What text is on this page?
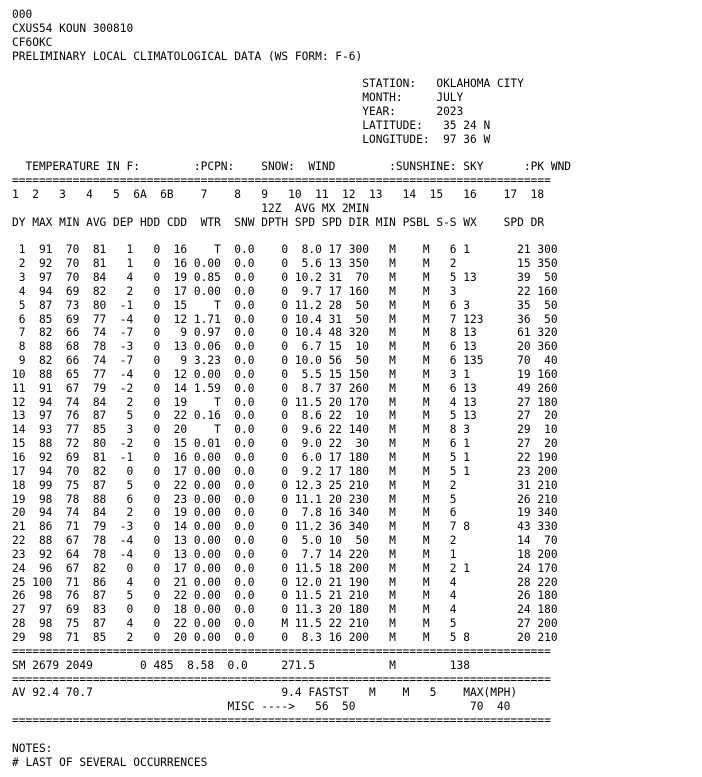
000
CXUS54 KOUN 300810
CF6OKC
PRELIMINARY LOCAL CLIMATOLOGICAL DATA (WS FORM: F-6)
STATION:   OKLAHOMA CITY
MONTH:     JULY
YEAR:      2023
LATITUDE:   35 24 N
LONGITUDE:  97 36 W
TEMPERATURE IN F:        :PCPN:    SNOW:  WIND        :SUNSHINE: SKY      :PK WND
================================================================================
1  2   3   4   5  6A  6B    7    8   9   10  11  12  13   14  15   16    17  18
12Z  AVG MX 2MIN
DY MAX MIN AVG DEP HDD CDD  WTR  SNW DPTH SPD SPD DIR MIN PSBL S-S WX    SPD DR
1  91  70  81   1   0  16    T  0.0    0  8.0 17 300   M    M   6 1       21 300
2  92  70  81   1   0  16 0.00  0.0    0  5.6 13 350   M    M   2         15 350
3  97  70  84   4   0  19 0.85  0.0    0 10.2 31  70   M    M   5 13      39  50
4  94  69  82   2   0  17 0.00  0.0    0  9.7 17 160   M    M   3         22 160
5  87  73  80  -1   0  15    T  0.0    0 11.2 28  50   M    M   6 3       35  50
6  85  69  77  -4   0  12 1.71  0.0    0 10.4 31  50   M    M   7 123     36  50
7  82  66  74  -7   0   9 0.97  0.0    0 10.4 48 320   M    M   8 13      61 320
8  88  68  78  -3   0  13 0.06  0.0    0  6.7 15  10   M    M   6 13      20 360
9  82  66  74  -7   0   9 3.23  0.0    0 10.0 56  50   M    M   6 135     70  40
10  88  65  77  -4   0  12 0.00  0.0    0  5.5 15 150   M    M   3 1       19 160
11  91  67  79  -2   0  14 1.59  0.0    0  8.7 37 260   M    M   6 13      49 260
12  94  74  84   2   0  19    T  0.0    0 11.5 20 170   M    M   4 13      27 180
13  97  76  87   5   0  22 0.16  0.0    0  8.6 22  10   M    M   5 13      27  20
14  93  77  85   3   0  20    T  0.0    0  9.6 22 140   M    M   8 3       29  10
15  88  72  80  -2   0  15 0.01  0.0    0  9.0 22  30   M    M   6 1       27  20
16  92  69  81  -1   0  16 0.00  0.0    0  6.0 17 180   M    M   5 1       22 190
17  94  70  82   0   0  17 0.00  0.0    0  9.2 17 180   M    M   5 1       23 200
18  99  75  87   5   0  22 0.00  0.0    0 12.3 25 210   M    M   2         31 210
19  98  78  88   6   0  23 0.00  0.0    0 11.1 20 230   M    M   5         26 210
20  94  74  84   2   0  19 0.00  0.0    0  7.8 16 340   M    M   6         19 340
21  86  71  79  -3   0  14 0.00  0.0    0 11.2 36 340   M    M   7 8       43 330
22  88  67  78  -4   0  13 0.00  0.0    0  5.0 10  50   M    M   2         14  70
23  92  64  78  -4   0  13 0.00  0.0    0  7.7 14 220   M    M   1         18 200
24  96  67  82   0   0  17 0.00  0.0    0 11.5 18 200   M    M   2 1       24 170
25 100  71  86   4   0  21 0.00  0.0    0 12.0 21 190   M    M   4         28 220
26  98  76  87   5   0  22 0.00  0.0    0 11.5 21 210   M    M   4         26 180
27  97  69  83   0   0  18 0.00  0.0    0 11.3 20 180   M    M   4         24 180
28  98  75  87   4   0  22 0.00  0.0    M 11.5 22 210   M    M   5         27 200
29  98  71  85   2   0  20 0.00  0.0    0  8.3 16 200   M    M   5 8       20 210
================================================================================
SM 2679 2049       0 485  8.58  0.0     271.5           M        138
================================================================================
AV 92.4 70.7                            9.4 FASTST   M    M   5    MAX(MPH)
MISC ---->   56  50                 70  40
================================================================================
NOTES:
# LAST OF SEVERAL OCCURRENCES
